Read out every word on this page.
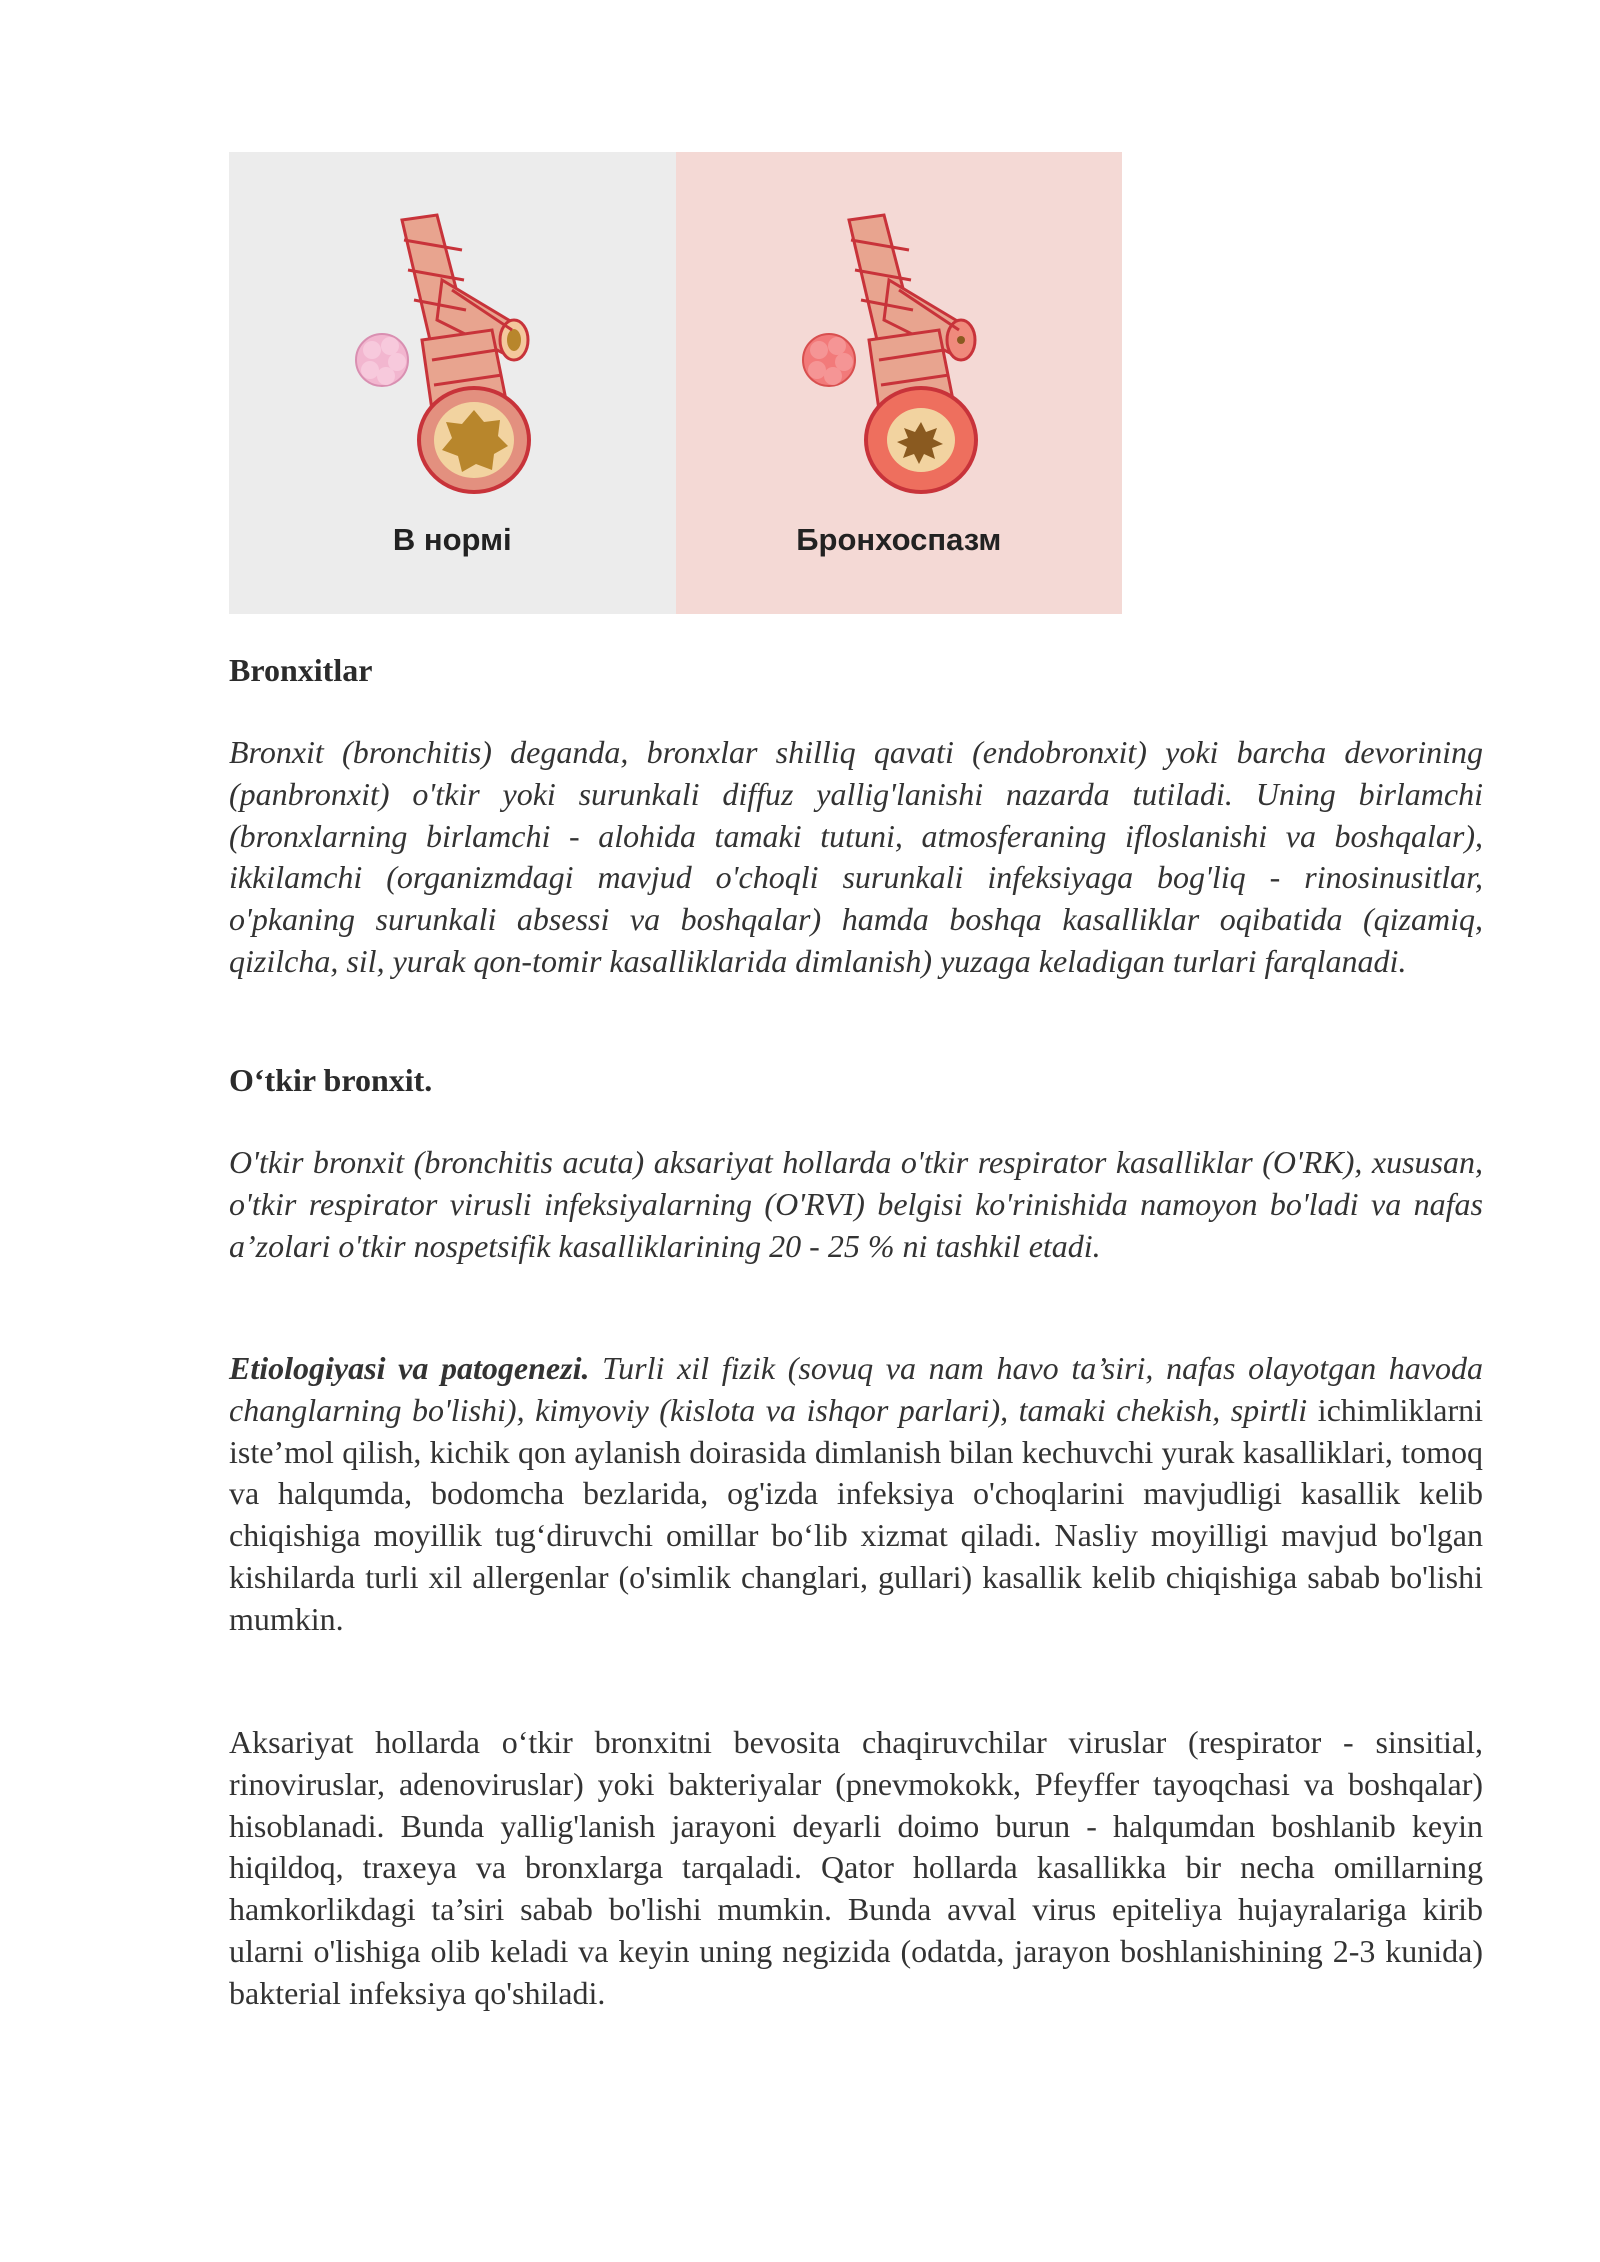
В нормі	Бронхоспазм
Bronxitlar
Bronxit (bronchitis) deganda, bronxlar shilliq qavati (endobronxit) yoki barcha devorining (panbronxit) o'tkir yoki surunkali diffuz yallig'lanishi nazarda tutiladi. Uning birlamchi (bronxlarning birlamchi - alohida tamaki tutuni, atmosferaning ifloslanishi va boshqalar), ikkilamchi (organizmdagi mavjud o'choqli surunkali infeksiyaga bog'liq - rinosinusitlar, o'pkaning surunkali absessi va boshqalar) hamda boshqa kasalliklar oqibatida (qizamiq, qizilcha, sil, yurak qon-tomir kasalliklarida dimlanish) yuzaga keladigan turlari farqlanadi.
O‘tkir bronxit.
O'tkir bronxit (bronchitis acuta) aksariyat hollarda o'tkir respirator kasalliklar (O'RK), xususan, o'tkir respirator virusli infeksiyalarning (O'RVI) belgisi ko'rinishida namoyon bo'ladi va nafas a’zolari o'tkir nospetsifik kasalliklarining 20 - 25 % ni tashkil etadi.
Etiologiyasi va patogenezi. Turli xil fizik (sovuq va nam havo ta’siri, nafas olayotgan havoda changlarning bo'lishi), kimyoviy (kislota va ishqor parlari), tamaki chekish, spirtli ichimliklarni iste’mol qilish, kichik qon aylanish doirasida dimlanish bilan kechuvchi yurak kasalliklari, tomoq va halqumda, bodomcha bezlarida, og'izda infeksiya o'choqlarini mavjudligi kasallik kelib chiqishiga moyillik tug‘diruvchi omillar bo‘lib xizmat qiladi. Nasliy moyilligi mavjud bo'lgan kishilarda turli xil allergenlar (o'simlik changlari, gullari) kasallik kelib chiqishiga sabab bo'lishi mumkin.
Aksariyat hollarda o‘tkir bronxitni bevosita chaqiruvchilar viruslar (respirator - sinsitial, rinoviruslar, adenoviruslar) yoki bakteriyalar (pnevmokokk, Pfeyffer tayoqchasi va boshqalar) hisoblanadi. Bunda yallig'lanish jarayoni deyarli doimo burun - halqumdan boshlanib keyin hiqildoq, traxeya va bronxlarga tarqaladi. Qator hollarda kasallikka bir necha omillarning hamkorlikdagi ta’siri sabab bo'lishi mumkin. Bunda avval virus epiteliya hujayralariga kirib ularni o'lishiga olib keladi va keyin uning negizida (odatda, jarayon boshlanishining 2-3 kunida) bakterial infeksiya qo'shiladi.
